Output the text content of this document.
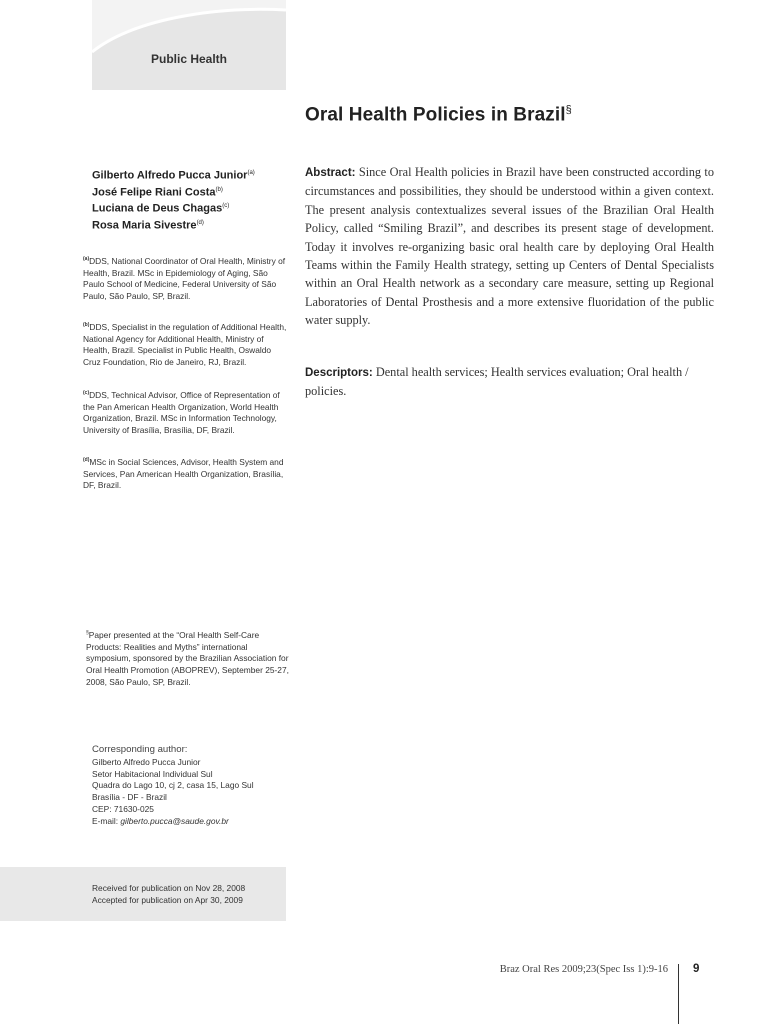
Public Health
Oral Health Policies in Brazil§
Gilberto Alfredo Pucca Junior$^{(a)}$
José Felipe Riani Costa$^{(b)}$
Luciana de Deus Chagas$^{(c)}$
Rosa Maria Sivestre$^{(d)}$
$^{(a)}$DDS, National Coordinator of Oral Health, Ministry of Health, Brazil. MSc in Epidemiology of Aging, São Paulo School of Medicine, Federal University of São Paulo, São Paulo, SP, Brazil.
$^{(b)}$DDS, Specialist in the regulation of Additional Health, National Agency for Additional Health, Ministry of Health, Brazil. Specialist in Public Health, Oswaldo Cruz Foundation, Rio de Janeiro, RJ, Brazil.
$^{(c)}$DDS, Technical Advisor, Office of Representation of the Pan American Health Organization, World Health Organization, Brazil. MSc in Information Technology, University of Brasília, Brasília, DF, Brazil.
$^{(d)}$MSc in Social Sciences, Advisor, Health System and Services, Pan American Health Organization, Brasília, DF, Brazil.
§Paper presented at the “Oral Health Self-Care Products: Realities and Myths” international symposium, sponsored by the Brazilian Association for Oral Health Promotion (ABOPREV), September 25-27, 2008, São Paulo, SP, Brazil.
Corresponding author:
Gilberto Alfredo Pucca Junior
Setor Habitacional Individual Sul
Quadra do Lago 10, cj 2, casa 15, Lago Sul
Brasília - DF - Brazil
CEP: 71630-025
E-mail: gilberto.pucca@saude.gov.br
Received for publication on Nov 28, 2008
Accepted for publication on Apr 30, 2009
Abstract: Since Oral Health policies in Brazil have been constructed according to circumstances and possibilities, they should be understood within a given context. The present analysis contextualizes several issues of the Brazilian Oral Health Policy, called “Smiling Brazil”, and describes its present stage of development. Today it involves re-organizing basic oral health care by deploying Oral Health Teams within the Family Health strategy, setting up Centers of Dental Specialists within an Oral Health network as a secondary care measure, setting up Regional Laboratories of Dental Prosthesis and a more extensive fluoridation of the public water supply.
Descriptors: Dental health services; Health services evaluation; Oral health / policies.
Braz Oral Res 2009;23(Spec Iss 1):9-16 9
